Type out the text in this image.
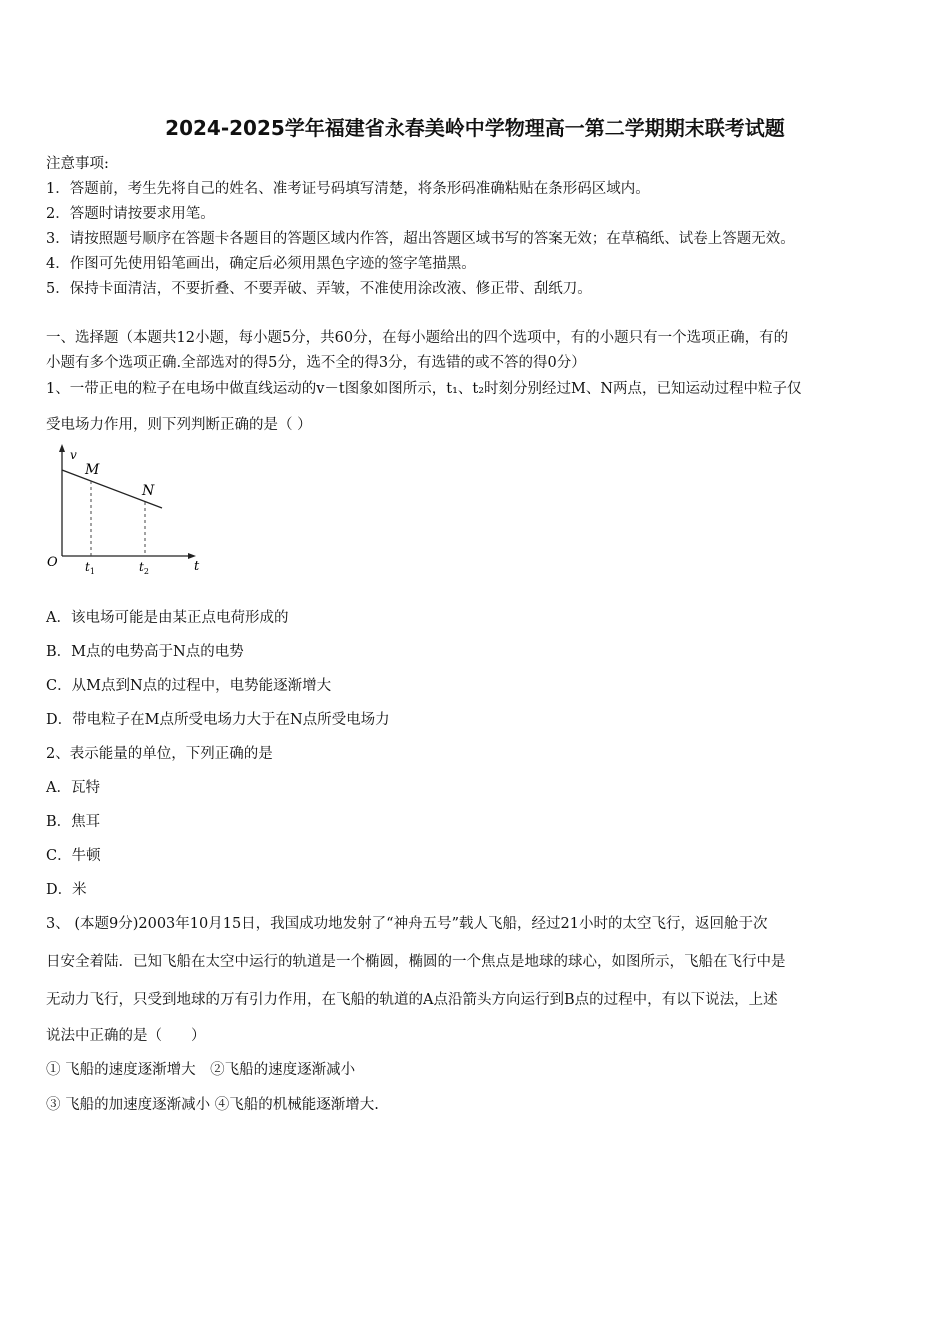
2024-2025学年福建省永春美岭中学物理高一第二学期期末联考试题
注意事项:
1．答题前，考生先将自己的姓名、准考证号码填写清楚，将条形码准确粘贴在条形码区域内。
2．答题时请按要求用笔。
3．请按照题号顺序在答题卡各题目的答题区域内作答，超出答题区域书写的答案无效；在草稿纸、试卷上答题无效。
4．作图可先使用铅笔画出，确定后必须用黑色字迹的签字笔描黑。
5．保持卡面清洁，不要折叠、不要弄破、弄皱，不准使用涂改液、修正带、刮纸刀。
一、选择题（本题共12小题，每小题5分，共60分，在每小题给出的四个选项中，有的小题只有一个选项正确，有的
小题有多个选项正确.全部选对的得5分，选不全的得3分，有选错的或不答的得0分）
1、一带正电的粒子在电场中做直线运动的v－t图象如图所示，t₁、t₂时刻分别经过M、N两点，已知运动过程中粒子仅
受电场力作用，则下列判断正确的是（ ）
v
M
N
O	t
$t_1$	$t_2$
A．该电场可能是由某正点电荷形成的
B．M点的电势高于N点的电势
C．从M点到N点的过程中，电势能逐渐增大
D．带电粒子在M点所受电场力大于在N点所受电场力
2、表示能量的单位，下列正确的是
A．瓦特
B．焦耳
C．牛顿
D．米
3、 (本题9分)2003年10月15日，我国成功地发射了“神舟五号”载人飞船，经过21小时的太空飞行，返回舱于次
日安全着陆．已知飞船在太空中运行的轨道是一个椭圆，椭圆的一个焦点是地球的球心，如图所示，飞船在飞行中是
无动力飞行，只受到地球的万有引力作用，在飞船的轨道的A点沿箭头方向运行到B点的过程中，有以下说法，上述
说法中正确的是（　　）
① 飞船的速度逐渐增大　②飞船的速度逐渐减小
③ 飞船的加速度逐渐减小 ④飞船的机械能逐渐增大.
